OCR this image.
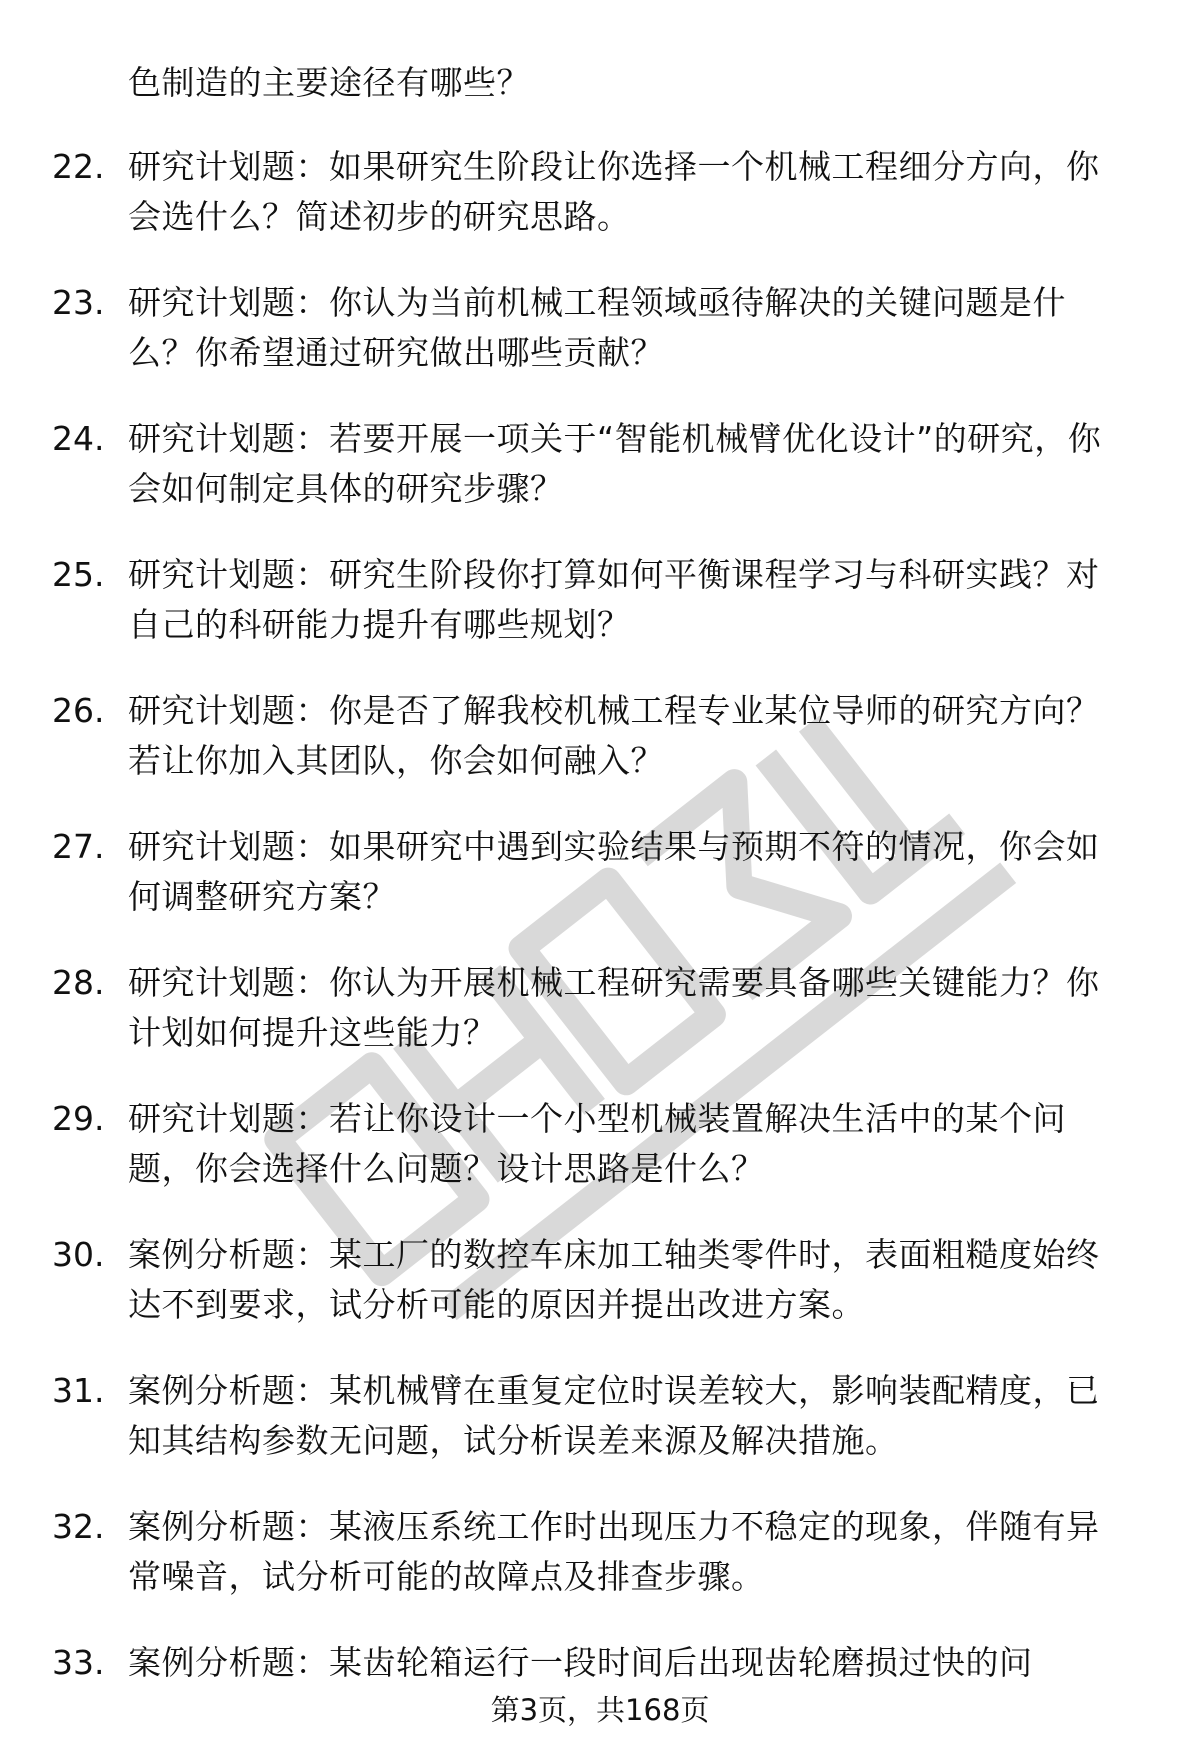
色制造的主要途径有哪些？
22. 研究计划题：如果研究生阶段让你选择一个机械工程细分方向，你会选什么？简述初步的研究思路。
23. 研究计划题：你认为当前机械工程领域亟待解决的关键问题是什么？你希望通过研究做出哪些贡献？
24. 研究计划题：若要开展一项关于“智能机械臂优化设计”的研究，你会如何制定具体的研究步骤？
25. 研究计划题：研究生阶段你打算如何平衡课程学习与科研实践？对自己的科研能力提升有哪些规划？
26. 研究计划题：你是否了解我校机械工程专业某位导师的研究方向？若让你加入其团队，你会如何融入？
27. 研究计划题：如果研究中遇到实验结果与预期不符的情况，你会如何调整研究方案？
28. 研究计划题：你认为开展机械工程研究需要具备哪些关键能力？你计划如何提升这些能力？
29. 研究计划题：若让你设计一个小型机械装置解决生活中的某个问题，你会选择什么问题？设计思路是什么？
30. 案例分析题：某工厂的数控车床加工轴类零件时，表面粗糙度始终达不到要求，试分析可能的原因并提出改进方案。
31. 案例分析题：某机械臂在重复定位时误差较大，影响装配精度，已知其结构参数无问题，试分析误差来源及解决措施。
32. 案例分析题：某液压系统工作时出现压力不稳定的现象，伴随有异常噪音，试分析可能的故障点及排查步骤。
33. 案例分析题：某齿轮箱运行一段时间后出现齿轮磨损过快的问
第3页，共168页
